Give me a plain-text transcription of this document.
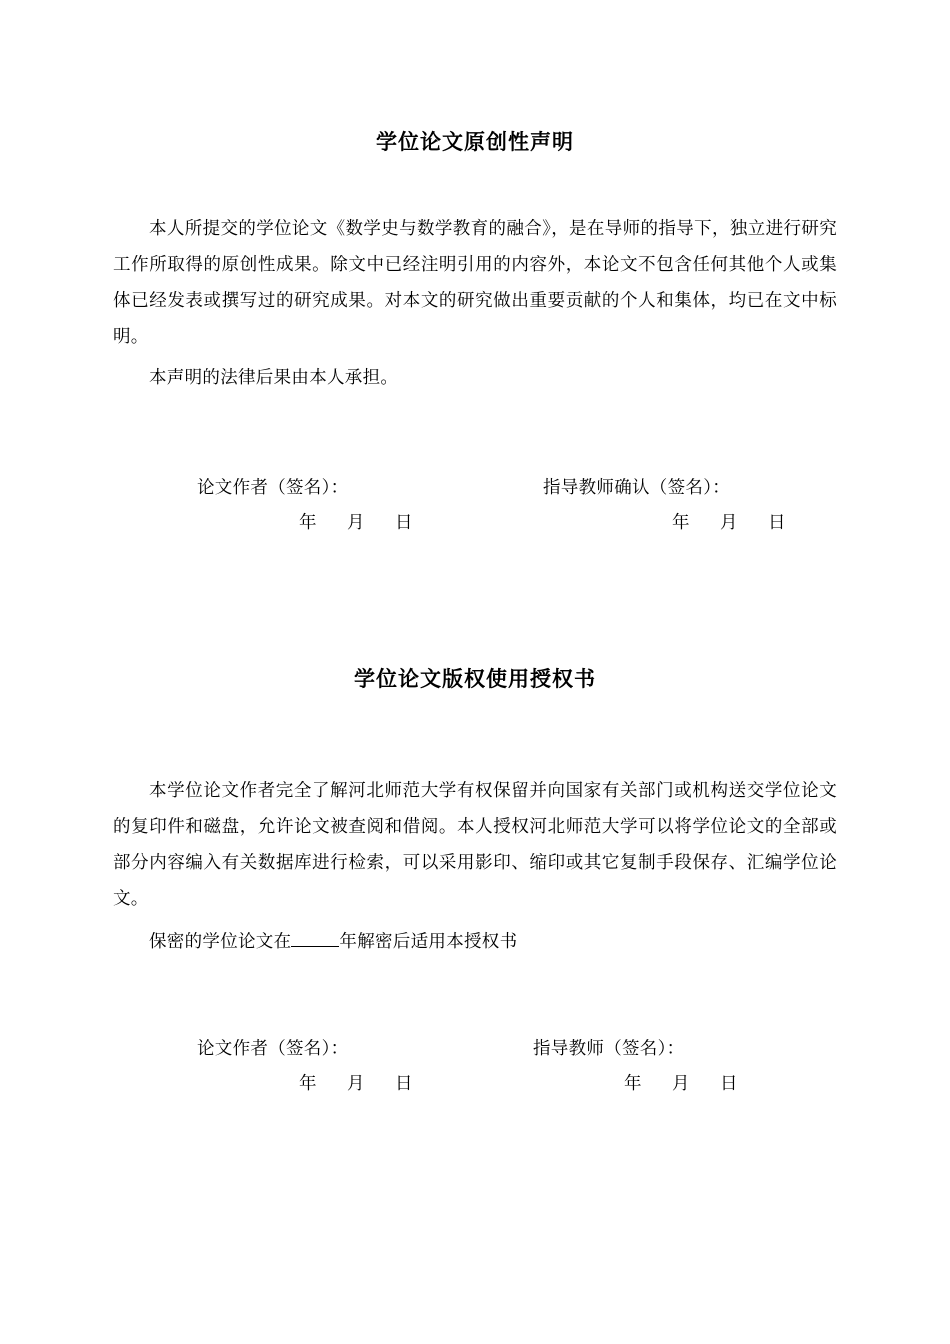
学位论文原创性声明

本人所提交的学位论文《数学史与数学教育的融合》，是在导师的指导下，独立进行研究工作所取得的原创性成果。除文中已经注明引用的内容外，本论文不包含任何其他个人或集体已经发表或撰写过的研究成果。对本文的研究做出重要贡献的个人和集体，均已在文中标明。

本声明的法律后果由本人承担。

论文作者（签名）：	指导教师确认（签名）：
年 月 日	年 月 日
学位论文版权使用授权书

本学位论文作者完全了解河北师范大学有权保留并向国家有关部门或机构送交学位论文的复印件和磁盘，允许论文被查阅和借阅。本人授权河北师范大学可以将学位论文的全部或部分内容编入有关数据库进行检索，可以采用影印、缩印或其它复制手段保存、汇编学位论文。

保密的学位论文在	年解密后适用本授权书
论文作者（签名）：	指导教师（签名）：
年 月 日	年 月 日
